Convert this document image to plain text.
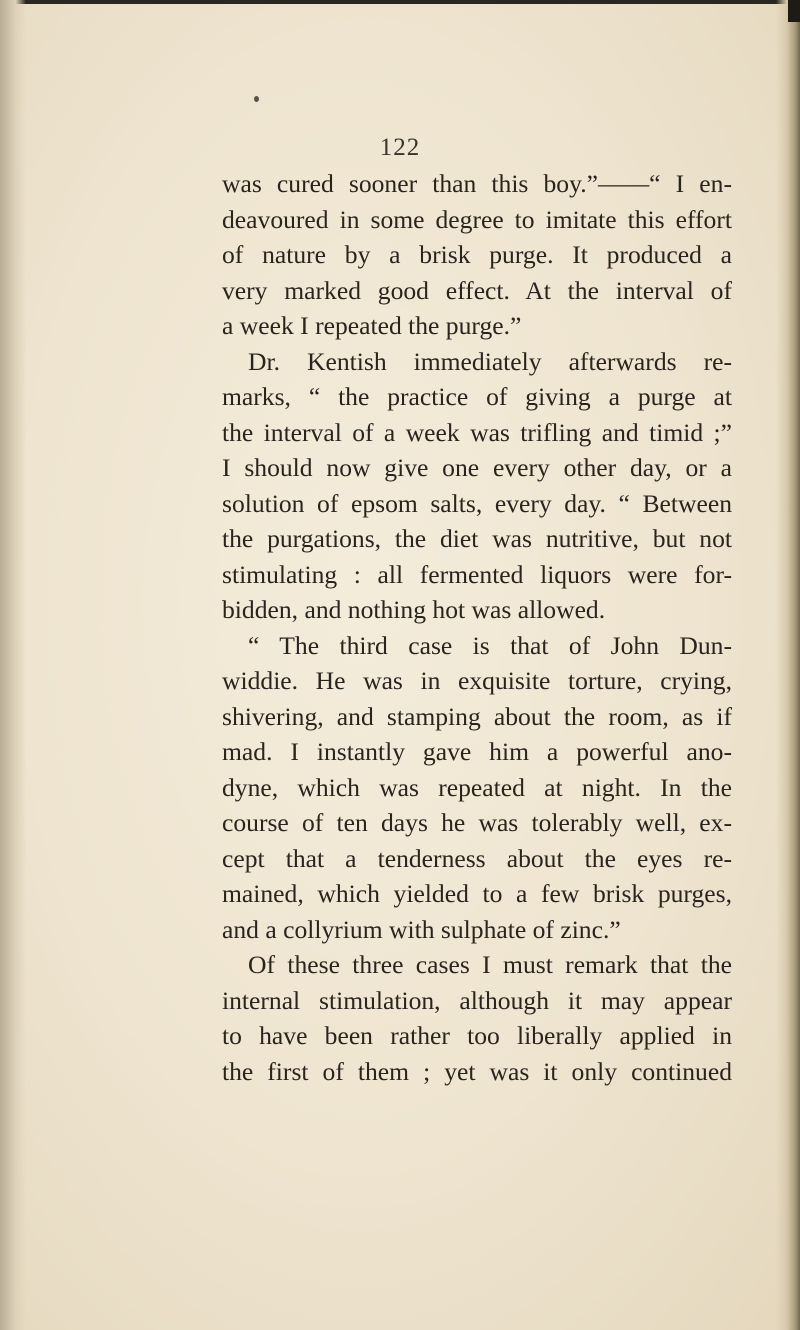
122
was cured sooner than this boy.”——“ I en-
deavoured in some degree to imitate this effort
of nature by a brisk purge. It produced a
very marked good effect. At the interval of
a week I repeated the purge.”
Dr. Kentish immediately afterwards re-
marks, “ the practice of giving a purge at
the interval of a week was trifling and timid ;”
I should now give one every other day, or a
solution of epsom salts, every day. “ Between
the purgations, the diet was nutritive, but not
stimulating : all fermented liquors were for-
bidden, and nothing hot was allowed.
“ The third case is that of John Dun-
widdie. He was in exquisite torture, crying,
shivering, and stamping about the room, as if
mad. I instantly gave him a powerful ano-
dyne, which was repeated at night. In the
course of ten days he was tolerably well, ex-
cept that a tenderness about the eyes re-
mained, which yielded to a few brisk purges,
and a collyrium with sulphate of zinc.”
Of these three cases I must remark that the
internal stimulation, although it may appear
to have been rather too liberally applied in
the first of them ; yet was it only continued
